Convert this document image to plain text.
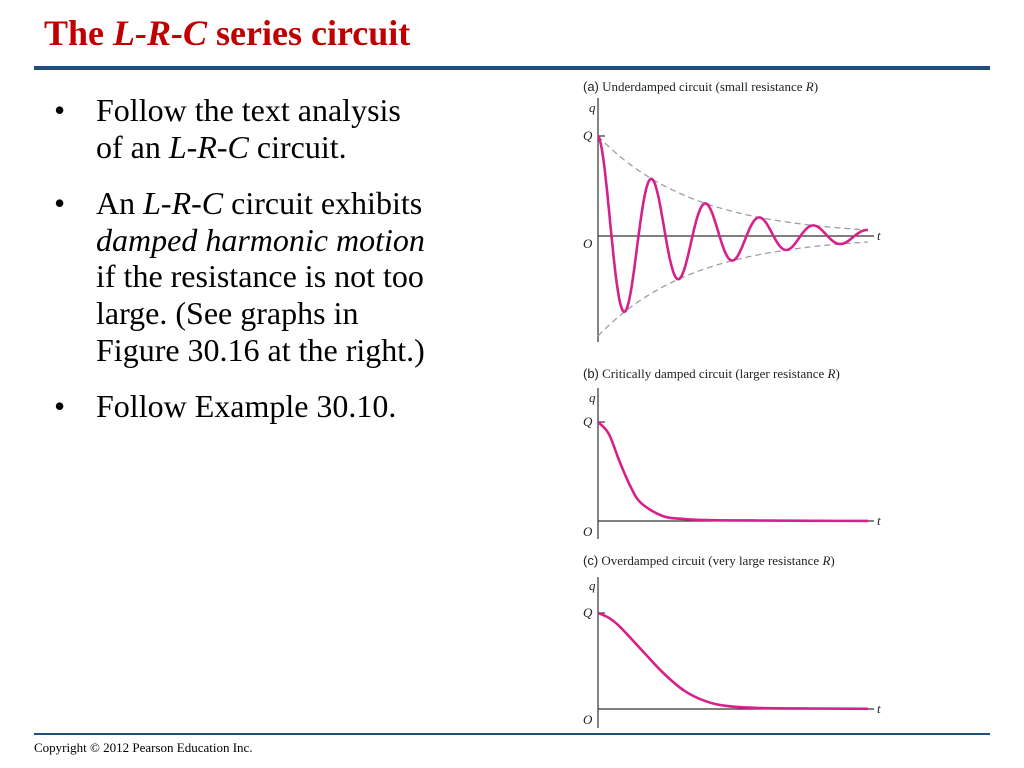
The L-R-C series circuit
• Follow the text analysis
of an L-R-C circuit.
• An L-R-C circuit exhibits
damped harmonic motion
if the resistance is not too
large. (See graphs in
Figure 30.16 at the right.)
• Follow Example 30.10.
(a) Underdamped circuit (small resistance R)
(b) Critically damped circuit (larger resistance R)
(c) Overdamped circuit (very large resistance R)
q
Q
O
t
q
Q
O
t
q
Q
O
t
Copyright © 2012 Pearson Education Inc.
